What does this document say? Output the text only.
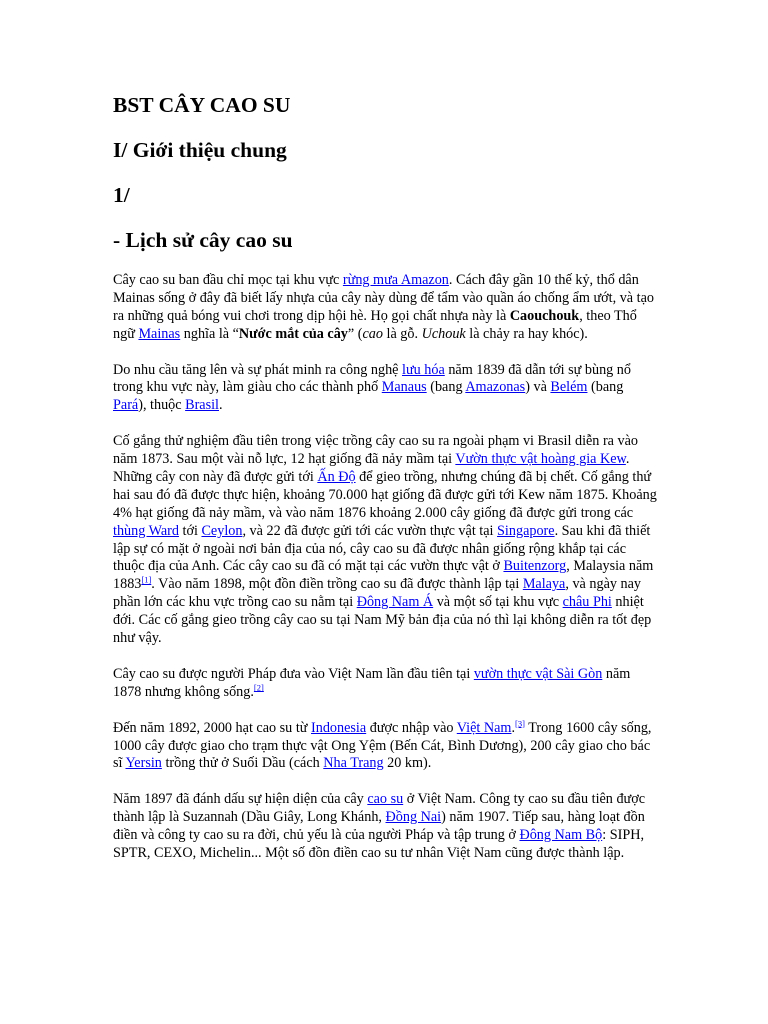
BST CÂY CAO SU
I/ Giới thiệu chung
1/
- Lịch sử cây cao su

Cây cao su ban đầu chỉ mọc tại khu vực rừng mưa Amazon. Cách đây gần 10 thế kỷ, thổ dân Mainas sống ở đây đã biết lấy nhựa của cây này dùng để tẩm vào quần áo chống ẩm ướt, và tạo ra những quả bóng vui chơi trong dịp hội hè. Họ gọi chất nhựa này là Caouchouk, theo Thổ ngữ Mainas nghĩa là “Nước mắt của cây” (cao là gỗ. Uchouk là chảy ra hay khóc).

Do nhu cầu tăng lên và sự phát minh ra công nghệ lưu hóa năm 1839 đã dẫn tới sự bùng nổ trong khu vực này, làm giàu cho các thành phố Manaus (bang Amazonas) và Belém (bang Pará), thuộc Brasil.

Cố gắng thử nghiệm đầu tiên trong việc trồng cây cao su ra ngoài phạm vi Brasil diễn ra vào năm 1873. Sau một vài nỗ lực, 12 hạt giống đã nảy mầm tại Vườn thực vật hoàng gia Kew. Những cây con này đã được gửi tới Ấn Độ để gieo trồng, nhưng chúng đã bị chết. Cố gắng thứ hai sau đó đã được thực hiện, khoảng 70.000 hạt giống đã được gửi tới Kew năm 1875. Khoảng 4% hạt giống đã nảy mầm, và vào năm 1876 khoảng 2.000 cây giống đã được gửi trong các thùng Ward tới Ceylon, và 22 đã được gửi tới các vườn thực vật tại Singapore. Sau khi đã thiết lập sự có mặt ở ngoài nơi bản địa của nó, cây cao su đã được nhân giống rộng khắp tại các thuộc địa của Anh. Các cây cao su đã có mặt tại các vườn thực vật ở Buitenzorg, Malaysia năm 1883[1]. Vào năm 1898, một đồn điền trồng cao su đã được thành lập tại Malaya, và ngày nay phần lớn các khu vực trồng cao su nằm tại Đông Nam Á và một số tại khu vực châu Phi nhiệt đới. Các cố gắng gieo trồng cây cao su tại Nam Mỹ bản địa của nó thì lại không diễn ra tốt đẹp như vậy.

Cây cao su được người Pháp đưa vào Việt Nam lần đầu tiên tại vườn thực vật Sài Gòn năm 1878 nhưng không sống.[2]

Đến năm 1892, 2000 hạt cao su từ Indonesia được nhập vào Việt Nam.[3] Trong 1600 cây sống, 1000 cây được giao cho trạm thực vật Ong Yệm (Bến Cát, Bình Dương), 200 cây giao cho bác sĩ Yersin trồng thử ở Suối Dầu (cách Nha Trang 20 km).

Năm 1897 đã đánh dấu sự hiện diện của cây cao su ở Việt Nam. Công ty cao su đầu tiên được thành lập là Suzannah (Dầu Giây, Long Khánh, Đồng Nai) năm 1907. Tiếp sau, hàng loạt đồn điền và công ty cao su ra đời, chủ yếu là của người Pháp và tập trung ở Đông Nam Bộ: SIPH, SPTR, CEXO, Michelin... Một số đồn điền cao su tư nhân Việt Nam cũng được thành lập.
